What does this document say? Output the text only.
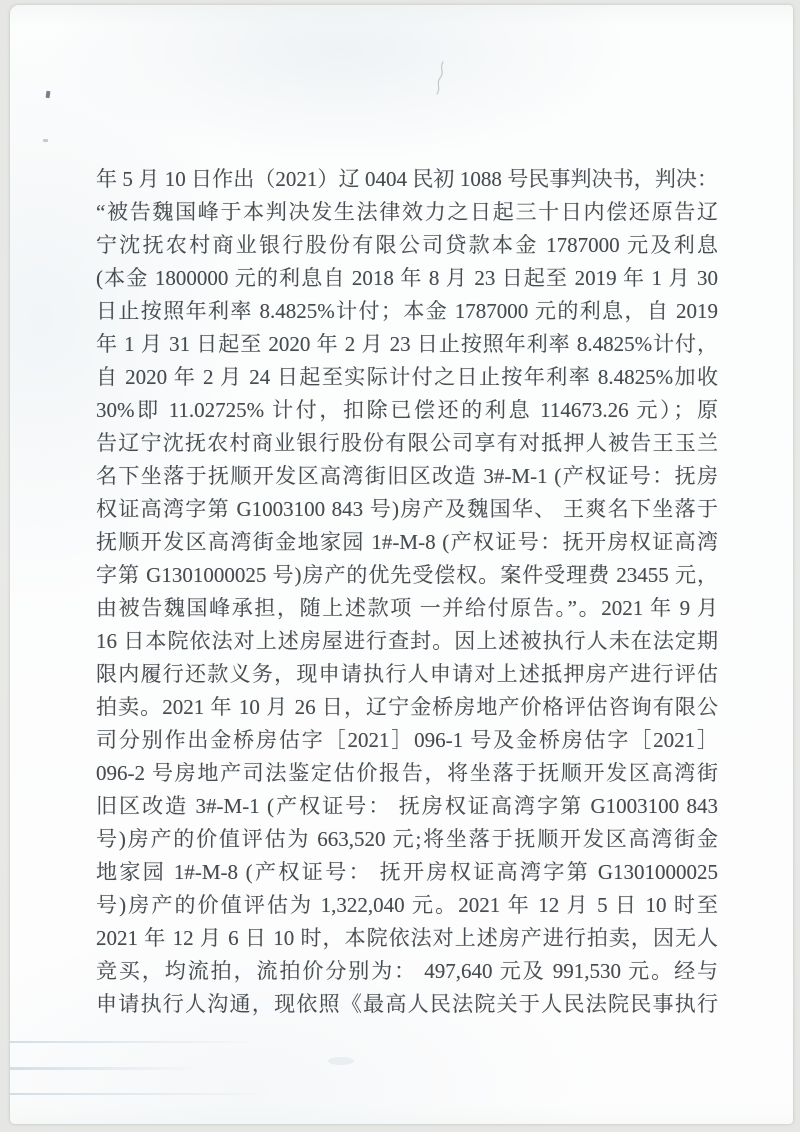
年 5 月 10 日作出（2021）辽 0404 民初 1088 号民事判决书，判决：
“被告魏国峰于本判决发生法律效力之日起三十日内偿还原告辽
宁沈抚农村商业银行股份有限公司贷款本金 1787000 元及利息
(本金 1800000 元的利息自 2018 年 8 月 23 日起至 2019 年 1 月 30
日止按照年利率 8.4825%计付；本金 1787000 元的利息，自 2019
年 1 月 31 日起至 2020 年 2 月 23 日止按照年利率 8.4825%计付，
自 2020 年 2 月 24 日起至实际计付之日止按年利率 8.4825%加收
30%即 11.02725% 计付，扣除已偿还的利息 114673.26 元）；原
告辽宁沈抚农村商业银行股份有限公司享有对抵押人被告王玉兰
名下坐落于抚顺开发区高湾街旧区改造 3#-M-1 (产权证号：抚房
权证高湾字第 G1003100 843 号)房产及魏国华、 王爽名下坐落于
抚顺开发区高湾街金地家园 1#-M-8 (产权证号：抚开房权证高湾
字第 G1301000025 号)房产的优先受偿权。案件受理费 23455 元，
由被告魏国峰承担，随上述款项 一并给付原告。”。2021 年 9 月
16 日本院依法对上述房屋进行查封。因上述被执行人未在法定期
限内履行还款义务，现申请执行人申请对上述抵押房产进行评估
拍卖。2021 年 10 月 26 日，辽宁金桥房地产价格评估咨询有限公
司分别作出金桥房估字［2021］096-1 号及金桥房估字［2021］
096-2 号房地产司法鉴定估价报告，将坐落于抚顺开发区高湾街
旧区改造 3#-M-1 (产权证号： 抚房权证高湾字第 G1003100 843
号)房产的价值评估为 663,520 元;将坐落于抚顺开发区高湾街金
地家园 1#-M-8 (产权证号： 抚开房权证高湾字第 G1301000025
号)房产的价值评估为 1,322,040 元。2021 年 12 月 5 日 10 时至
2021 年 12 月 6 日 10 时，本院依法对上述房产进行拍卖，因无人
竞买，均流拍，流拍价分别为： 497,640 元及 991,530 元。经与
申请执行人沟通，现依照《最高人民法院关于人民法院民事执行
